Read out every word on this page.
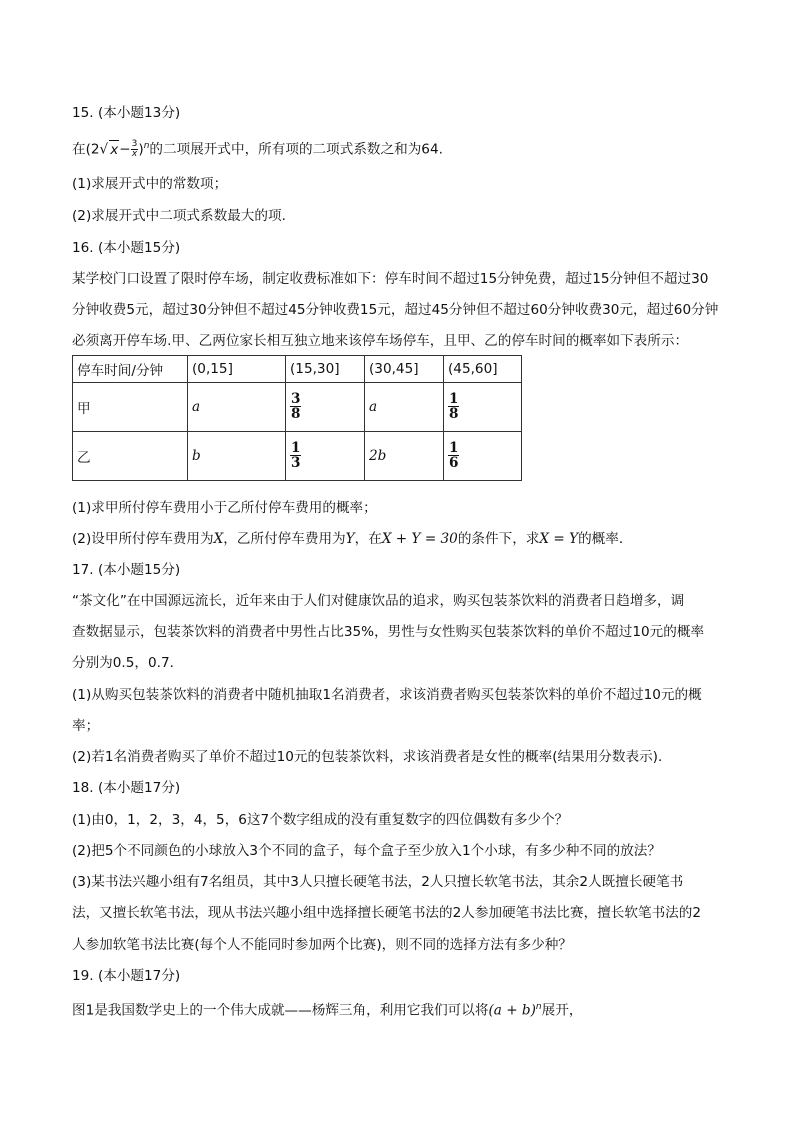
15. (本小题13分)
在(2√ $x- \frac{3}{x} )^n$的二项展开式中，所有项的二项式系数之和为64.
(1)求展开式中的常数项；
(2)求展开式中二项式系数最大的项．
16. (本小题15分)
某学校门口设置了限时停车场，制定收费标准如下：停车时间不超过15分钟免费，超过15分钟但不超过30
分钟收费5元，超过30分钟但不超过45分钟收费15元，超过45分钟但不超过60分钟收费30元，超过60分钟
必须离开停车场.甲、乙两位家长相互独立地来该停车场停车，且甲、乙的停车时间的概率如下表所示：
停车时间/分钟	(0,15]	(15,30]	(30,45]	(45,60]
甲	a	$\frac{3}{8}$	a	$\frac{1}{8}$

乙	b	$\frac{1}{3}$	2b	$\frac{1}{6}$
(1)求甲所付停车费用小于乙所付停车费用的概率；
(2)设甲所付停车费用为X，乙所付停车费用为Y，在X + Y = 30的条件下，求X = Y的概率．
17. (本小题15分)
“茶文化”在中国源远流长，近年来由于人们对健康饮品的追求，购买包装茶饮料的消费者日趋增多，调
查数据显示，包装茶饮料的消费者中男性占比35%，男性与女性购买包装茶饮料的单价不超过10元的概率
分别为0.5，0.7．
(1)从购买包装茶饮料的消费者中随机抽取1名消费者，求该消费者购买包装茶饮料的单价不超过10元的概
率；
(2)若1名消费者购买了单价不超过10元的包装茶饮料，求该消费者是女性的概率(结果用分数表示)．
18. (本小题17分)
(1)由0，1，2，3，4，5，6这7个数字组成的没有重复数字的四位偶数有多少个？
(2)把5个不同颜色的小球放入3个不同的盒子，每个盒子至少放入1个小球，有多少种不同的放法？
(3)某书法兴趣小组有7名组员，其中3人只擅长硬笔书法，2人只擅长软笔书法，其余2人既擅长硬笔书
法，又擅长软笔书法，现从书法兴趣小组中选择擅长硬笔书法的2人参加硬笔书法比赛，擅长软笔书法的2
人参加软笔书法比赛(每个人不能同时参加两个比赛)，则不同的选择方法有多少种？
19. (本小题17分)
图1是我国数学史上的一个伟大成就——杨辉三角，利用它我们可以将$(a + b)^n$展开，
